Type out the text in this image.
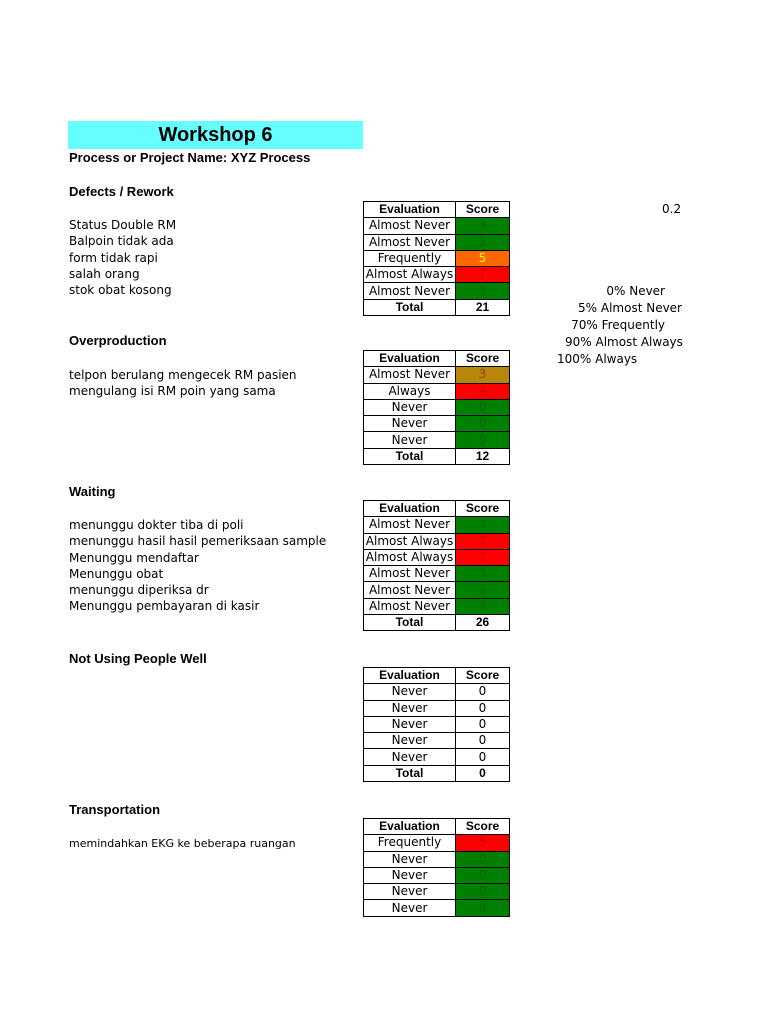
Workshop 6
Process or Project Name: XYZ Process
0.2
Defects / Rework
Status Double RM
Balpoin tidak ada
form tidak rapi
salah orang
stok obat kosong
Evaluation	Score
Almost Never	3
Almost Never	3
Frequently	5
Almost Always	7
Almost Never	3
Total	21
0% Never
5% Almost Never
70% Frequently
90% Almost Always
100% Always
Overproduction
telpon berulang mengecek RM pasien
mengulang isi RM poin yang sama
Evaluation	Score
Almost Never	3
Always	9
Never	0
Never	0
Never	0
Total	12
Waiting
menunggu dokter tiba di poli
menunggu hasil hasil pemeriksaan sample
Menunggu mendaftar
Menunggu obat
menunggu diperiksa dr
Menunggu pembayaran di kasir
Evaluation	Score
Almost Never	3
Almost Always	7
Almost Always	7
Almost Never	3
Almost Never	3
Almost Never	3
Total	26
Not Using People Well
Evaluation	Score
Never	0
Never	0
Never	0
Never	0
Never	0
Total	0
Transportation
memindahkan EKG ke beberapa ruangan
Evaluation	Score
Frequently	5
Never	0
Never	0
Never	0
Never	0
